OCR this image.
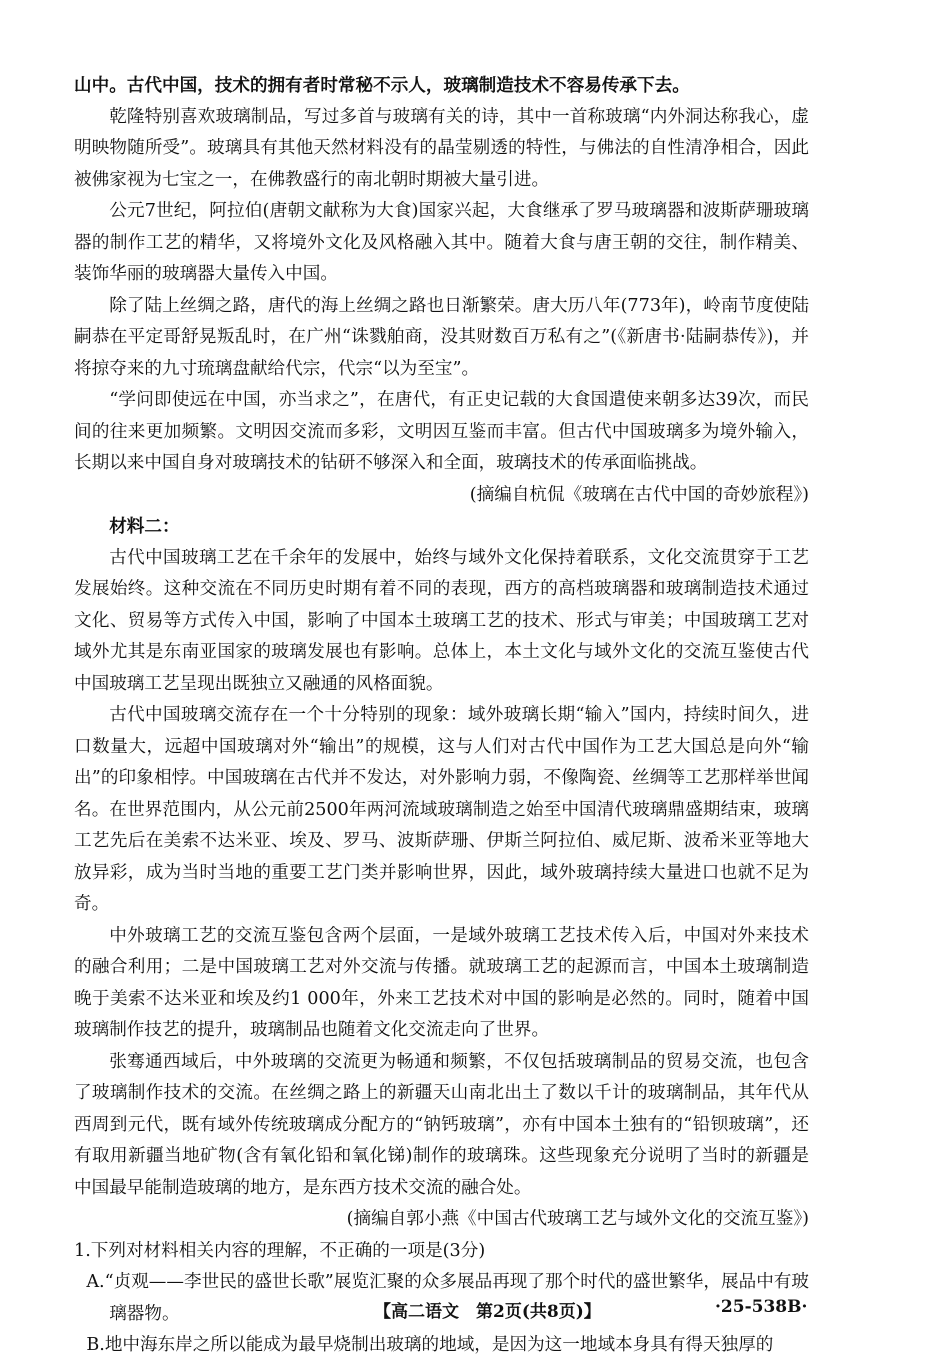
山中。古代中国，技术的拥有者时常秘不示人，玻璃制造技术不容易传承下去。

乾隆特别喜欢玻璃制品，写过多首与玻璃有关的诗，其中一首称玻璃“内外洞达称我心，虚明映物随所受”。玻璃具有其他天然材料没有的晶莹剔透的特性，与佛法的自性清净相合，因此被佛家视为七宝之一，在佛教盛行的南北朝时期被大量引进。

公元7世纪，阿拉伯(唐朝文献称为大食)国家兴起，大食继承了罗马玻璃器和波斯萨珊玻璃器的制作工艺的精华，又将境外文化及风格融入其中。随着大食与唐王朝的交往，制作精美、装饰华丽的玻璃器大量传入中国。

除了陆上丝绸之路，唐代的海上丝绸之路也日渐繁荣。唐大历八年(773年)，岭南节度使陆嗣恭在平定哥舒晃叛乱时，在广州“诛戮舶商，没其财数百万私有之”(《新唐书·陆嗣恭传》)，并将掠夺来的九寸琉璃盘献给代宗，代宗“以为至宝”。

“学问即使远在中国，亦当求之”，在唐代，有正史记载的大食国遣使来朝多达39次，而民间的往来更加频繁。文明因交流而多彩，文明因互鉴而丰富。但古代中国玻璃多为境外输入，长期以来中国自身对玻璃技术的钻研不够深入和全面，玻璃技术的传承面临挑战。

(摘编自杭侃《玻璃在古代中国的奇妙旅程》)

材料二：

古代中国玻璃工艺在千余年的发展中，始终与域外文化保持着联系，文化交流贯穿于工艺发展始终。这种交流在不同历史时期有着不同的表现，西方的高档玻璃器和玻璃制造技术通过文化、贸易等方式传入中国，影响了中国本土玻璃工艺的技术、形式与审美；中国玻璃工艺对域外尤其是东南亚国家的玻璃发展也有影响。总体上，本土文化与域外文化的交流互鉴使古代中国玻璃工艺呈现出既独立又融通的风格面貌。

古代中国玻璃交流存在一个十分特别的现象：域外玻璃长期“输入”国内，持续时间久，进口数量大，远超中国玻璃对外“输出”的规模，这与人们对古代中国作为工艺大国总是向外“输出”的印象相悖。中国玻璃在古代并不发达，对外影响力弱，不像陶瓷、丝绸等工艺那样举世闻名。在世界范围内，从公元前2500年两河流域玻璃制造之始至中国清代玻璃鼎盛期结束，玻璃工艺先后在美索不达米亚、埃及、罗马、波斯萨珊、伊斯兰阿拉伯、威尼斯、波希米亚等地大放异彩，成为当时当地的重要工艺门类并影响世界，因此，域外玻璃持续大量进口也就不足为奇。

中外玻璃工艺的交流互鉴包含两个层面，一是域外玻璃工艺技术传入后，中国对外来技术的融合利用；二是中国玻璃工艺对外交流与传播。就玻璃工艺的起源而言，中国本土玻璃制造晚于美索不达米亚和埃及约1 000年，外来工艺技术对中国的影响是必然的。同时，随着中国玻璃制作技艺的提升，玻璃制品也随着文化交流走向了世界。

张骞通西域后，中外玻璃的交流更为畅通和频繁，不仅包括玻璃制品的贸易交流，也包含了玻璃制作技术的交流。在丝绸之路上的新疆天山南北出土了数以千计的玻璃制品，其年代从西周到元代，既有域外传统玻璃成分配方的“钠钙玻璃”，亦有中国本土独有的“铅钡玻璃”，还有取用新疆当地矿物(含有氧化铅和氧化锑)制作的玻璃珠。这些现象充分说明了当时的新疆是中国最早能制造玻璃的地方，是东西方技术交流的融合处。

(摘编自郭小燕《中国古代玻璃工艺与域外文化的交流互鉴》)

1.下列对材料相关内容的理解，不正确的一项是(3分)

A.“贞观——李世民的盛世长歌”展览汇聚的众多展品再现了那个时代的盛世繁华，展品中有玻璃器物。

B.地中海东岸之所以能成为最早烧制出玻璃的地域，是因为这一地域本身具有得天独厚的

【高二语文　第2页(共8页)】	·25-538B·
